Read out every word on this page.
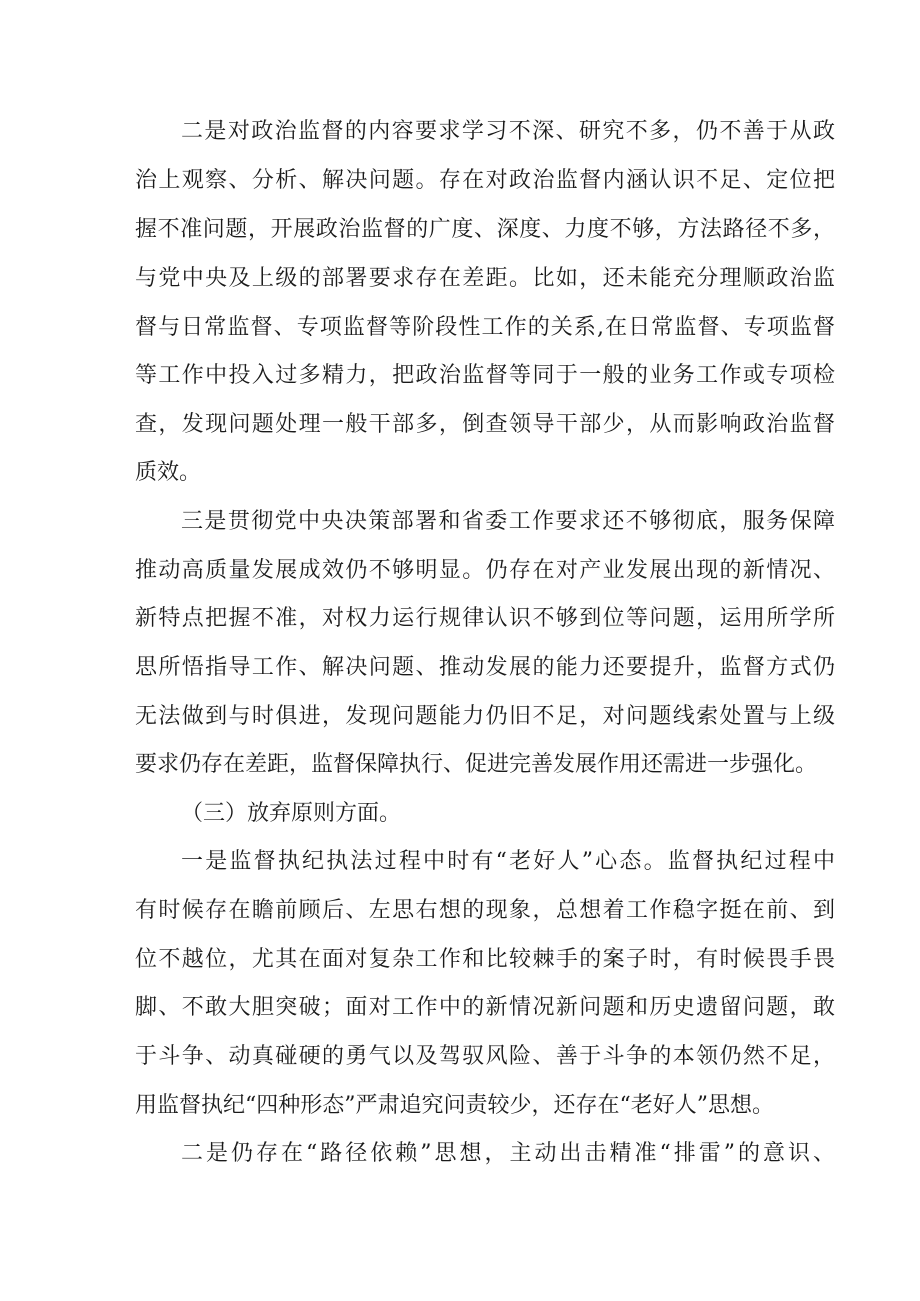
二是对政治监督的内容要求学习不深、研究不多，仍不善于从政

治上观察、分析、解决问题。存在对政治监督内涵认识不足、定位把

握不准问题，开展政治监督的广度、深度、力度不够，方法路径不多，

与党中央及上级的部署要求存在差距。比如，还未能充分理顺政治监

督与日常监督、专项监督等阶段性工作的关系,在日常监督、专项监督

等工作中投入过多精力，把政治监督等同于一般的业务工作或专项检

查，发现问题处理一般干部多，倒查领导干部少，从而影响政治监督

质效。

三是贯彻党中央决策部署和省委工作要求还不够彻底，服务保障

推动高质量发展成效仍不够明显。仍存在对产业发展出现的新情况、

新特点把握不准，对权力运行规律认识不够到位等问题，运用所学所

思所悟指导工作、解决问题、推动发展的能力还要提升，监督方式仍

无法做到与时俱进，发现问题能力仍旧不足，对问题线索处置与上级

要求仍存在差距，监督保障执行、促进完善发展作用还需进一步强化。

（三）放弃原则方面。

一是监督执纪执法过程中时有“老好人”心态。监督执纪过程中

有时候存在瞻前顾后、左思右想的现象，总想着工作稳字挺在前、到

位不越位，尤其在面对复杂工作和比较棘手的案子时，有时候畏手畏

脚、不敢大胆突破；面对工作中的新情况新问题和历史遗留问题，敢

于斗争、动真碰硬的勇气以及驾驭风险、善于斗争的本领仍然不足，

用监督执纪“四种形态”严肃追究问责较少，还存在“老好人”思想。

二是仍存在“路径依赖”思想，主动出击精准“排雷”的意识、
